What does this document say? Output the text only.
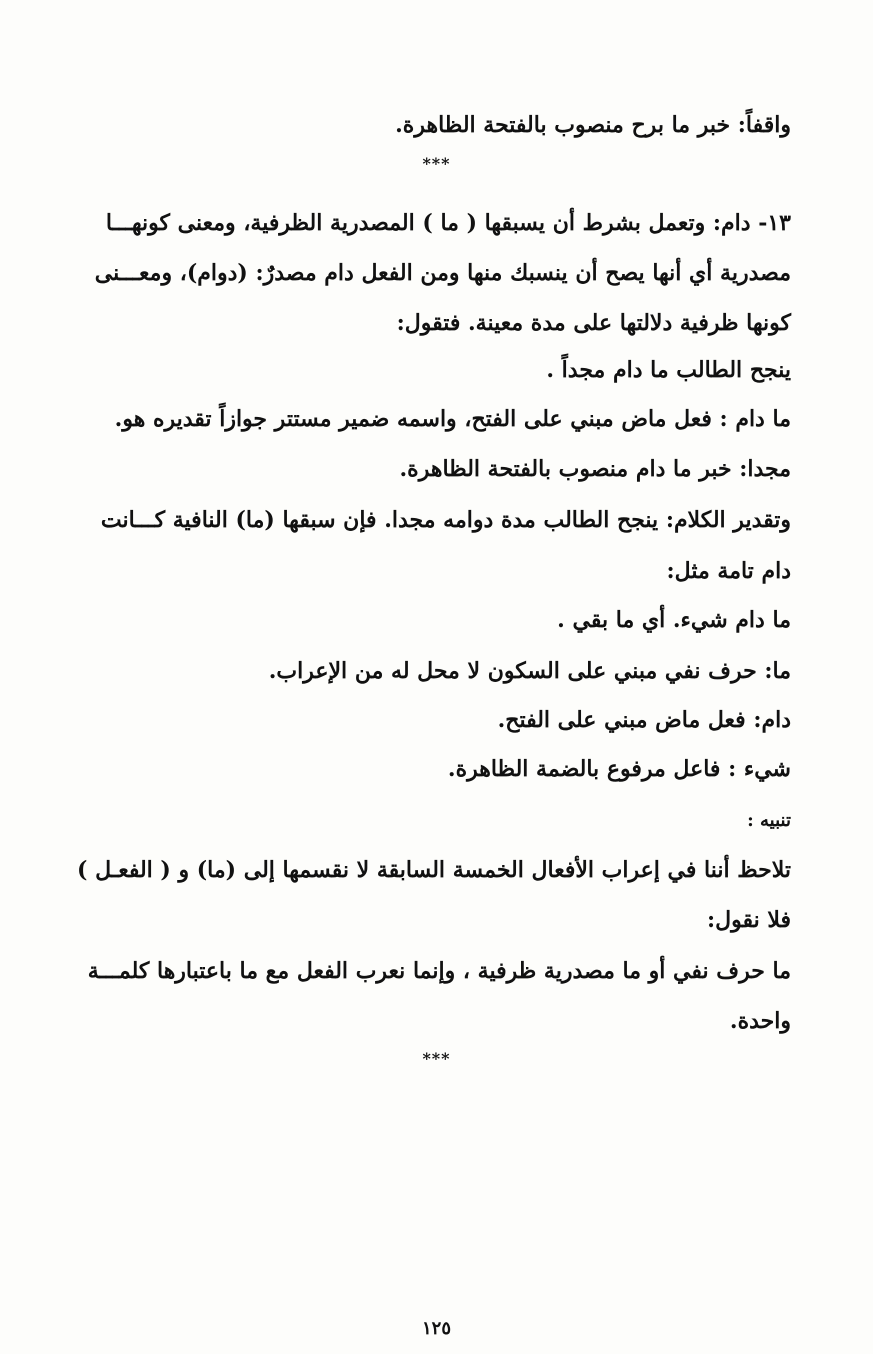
واقفاً: خبر ما برح منصوب بالفتحة الظاهرة.
***
١٣- دام: وتعمل بشرط أن يسبقها ( ما ) المصدرية الظرفية، ومعنى كونهـــا
مصدرية أي أنها يصح أن ينسبك منها ومن الفعل دام مصدرٌ: (دوام)، ومعـــنى
كونها ظرفية دلالتها على مدة معينة. فتقول:
ينجح الطالب ما دام مجداً .
ما دام : فعل ماض مبني على الفتح، واسمه ضمير مستتر جوازاً تقديره هو.
مجدا: خبر ما دام منصوب بالفتحة الظاهرة.
وتقدير الكلام: ينجح الطالب مدة دوامه مجدا. فإن سبقها (ما) النافية كـــانت
دام تامة مثل:
ما دام شيء. أي ما بقي .
ما: حرف نفي مبني على السكون لا محل له من الإعراب.
دام: فعل ماض مبني على الفتح.
شيء : فاعل مرفوع بالضمة الظاهرة.
تنبيه :
تلاحظ أننا في إعراب الأفعال الخمسة السابقة لا نقسمها إلى (ما) و ( الفعـل )
فلا نقول:
ما حرف نفي أو ما مصدرية ظرفية ، وإنما نعرب الفعل مع ما باعتبارها كلمـــة
واحدة.
***
١٢٥
